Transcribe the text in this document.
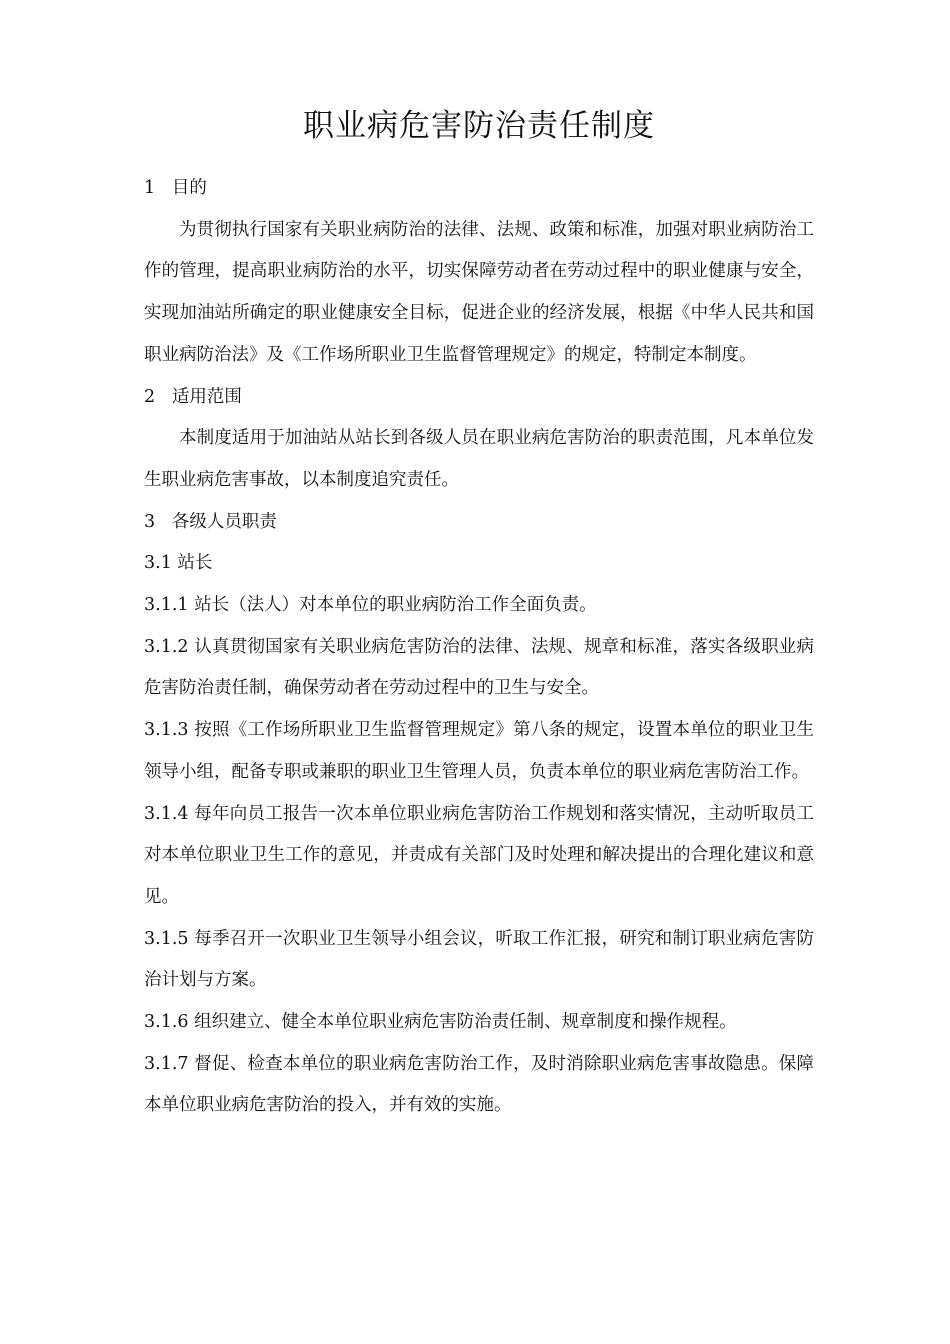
职业病危害防治责任制度

1   目的

为贯彻执行国家有关职业病防治的法律、法规、政策和标准，加强对职业病防治工作的管理，提高职业病防治的水平，切实保障劳动者在劳动过程中的职业健康与安全，实现加油站所确定的职业健康安全目标，促进企业的经济发展，根据《中华人民共和国职业病防治法》及《工作场所职业卫生监督管理规定》的规定，特制定本制度。

2   适用范围

本制度适用于加油站从站长到各级人员在职业病危害防治的职责范围，凡本单位发生职业病危害事故，以本制度追究责任。

3   各级人员职责

3.1 站长

3.1.1 站长（法人）对本单位的职业病防治工作全面负责。

3.1.2 认真贯彻国家有关职业病危害防治的法律、法规、规章和标准，落实各级职业病危害防治责任制，确保劳动者在劳动过程中的卫生与安全。

3.1.3 按照《工作场所职业卫生监督管理规定》第八条的规定，设置本单位的职业卫生领导小组，配备专职或兼职的职业卫生管理人员，负责本单位的职业病危害防治工作。

3.1.4 每年向员工报告一次本单位职业病危害防治工作规划和落实情况，主动听取员工对本单位职业卫生工作的意见，并责成有关部门及时处理和解决提出的合理化建议和意见。

3.1.5 每季召开一次职业卫生领导小组会议，听取工作汇报，研究和制订职业病危害防治计划与方案。

3.1.6 组织建立、健全本单位职业病危害防治责任制、规章制度和操作规程。

3.1.7 督促、检查本单位的职业病危害防治工作，及时消除职业病危害事故隐患。保障本单位职业病危害防治的投入，并有效的实施。
